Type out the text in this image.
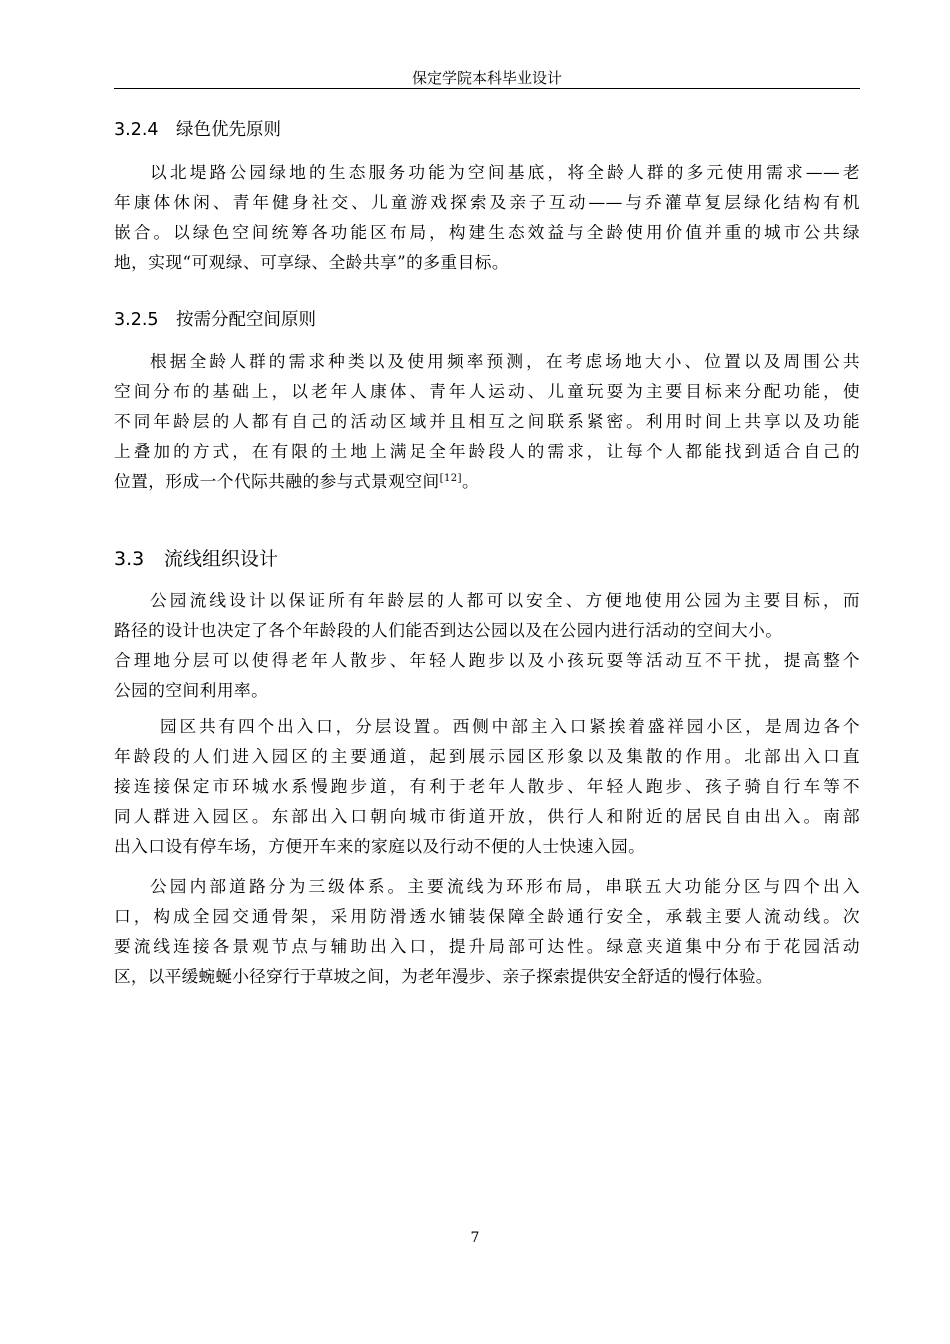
保定学院本科毕业设计
3.2.4 绿色优先原则
以北堤路公园绿地的生态服务功能为空间基底，将全龄人群的多元使用需求——老
年康体休闲、青年健身社交、儿童游戏探索及亲子互动——与乔灌草复层绿化结构有机
嵌合。以绿色空间统筹各功能区布局，构建生态效益与全龄使用价值并重的城市公共绿
地，实现“可观绿、可享绿、全龄共享”的多重目标。
3.2.5 按需分配空间原则
根据全龄人群的需求种类以及使用频率预测，在考虑场地大小、位置以及周围公共
空间分布的基础上，以老年人康体、青年人运动、儿童玩耍为主要目标来分配功能，使
不同年龄层的人都有自己的活动区域并且相互之间联系紧密。利用时间上共享以及功能
上叠加的方式，在有限的土地上满足全年龄段人的需求，让每个人都能找到适合自己的
位置，形成一个代际共融的参与式景观空间[12]。
3.3 流线组织设计
公园流线设计以保证所有年龄层的人都可以安全、方便地使用公园为主要目标，而
路径的设计也决定了各个年龄段的人们能否到达公园以及在公园内进行活动的空间大小。
合理地分层可以使得老年人散步、年轻人跑步以及小孩玩耍等活动互不干扰，提高整个
公园的空间利用率。
园区共有四个出入口，分层设置。西侧中部主入口紧挨着盛祥园小区，是周边各个
年龄段的人们进入园区的主要通道，起到展示园区形象以及集散的作用。北部出入口直
接连接保定市环城水系慢跑步道，有利于老年人散步、年轻人跑步、孩子骑自行车等不
同人群进入园区。东部出入口朝向城市街道开放，供行人和附近的居民自由出入。南部
出入口设有停车场，方便开车来的家庭以及行动不便的人士快速入园。
公园内部道路分为三级体系。主要流线为环形布局，串联五大功能分区与四个出入
口，构成全园交通骨架，采用防滑透水铺装保障全龄通行安全，承载主要人流动线。次
要流线连接各景观节点与辅助出入口，提升局部可达性。绿意夹道集中分布于花园活动
区，以平缓蜿蜒小径穿行于草坡之间，为老年漫步、亲子探索提供安全舒适的慢行体验。
7
